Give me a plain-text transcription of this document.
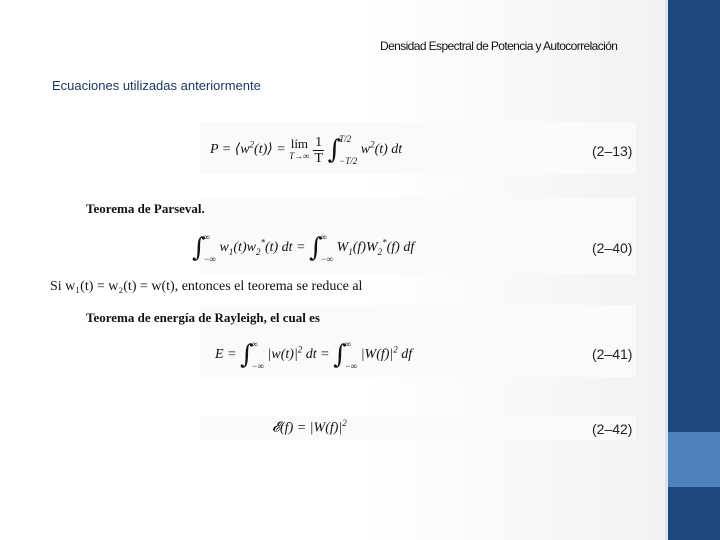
Densidad Espectral de Potencia y Autocorrelación
Ecuaciones utilizadas anteriormente
$P = ⟨w^2(t)⟩$ = lím
T→∞
$\frac{1}{T}$ ∫
T/2
−T/2
$w^2(t)$ dt	(2–13)
Teorema de Parseval.
∫
∞
−∞
$w_1(t)w_2^*(t)$ dt = ∫
∞
−∞
$W_1(f)W_2^*(f)$ df	(2–40)
Si w₁(t) = w₂(t) = w(t), entonces el teorema se reduce al
Teorema de energía de Rayleigh, el cual es
E = ∫
∞
−∞
$|w(t)|^2$ dt = ∫
∞
−∞
$|W(f)|^2$ df	(2–41)
𝓔(f) = $|W(f)|^2$	(2–42)
